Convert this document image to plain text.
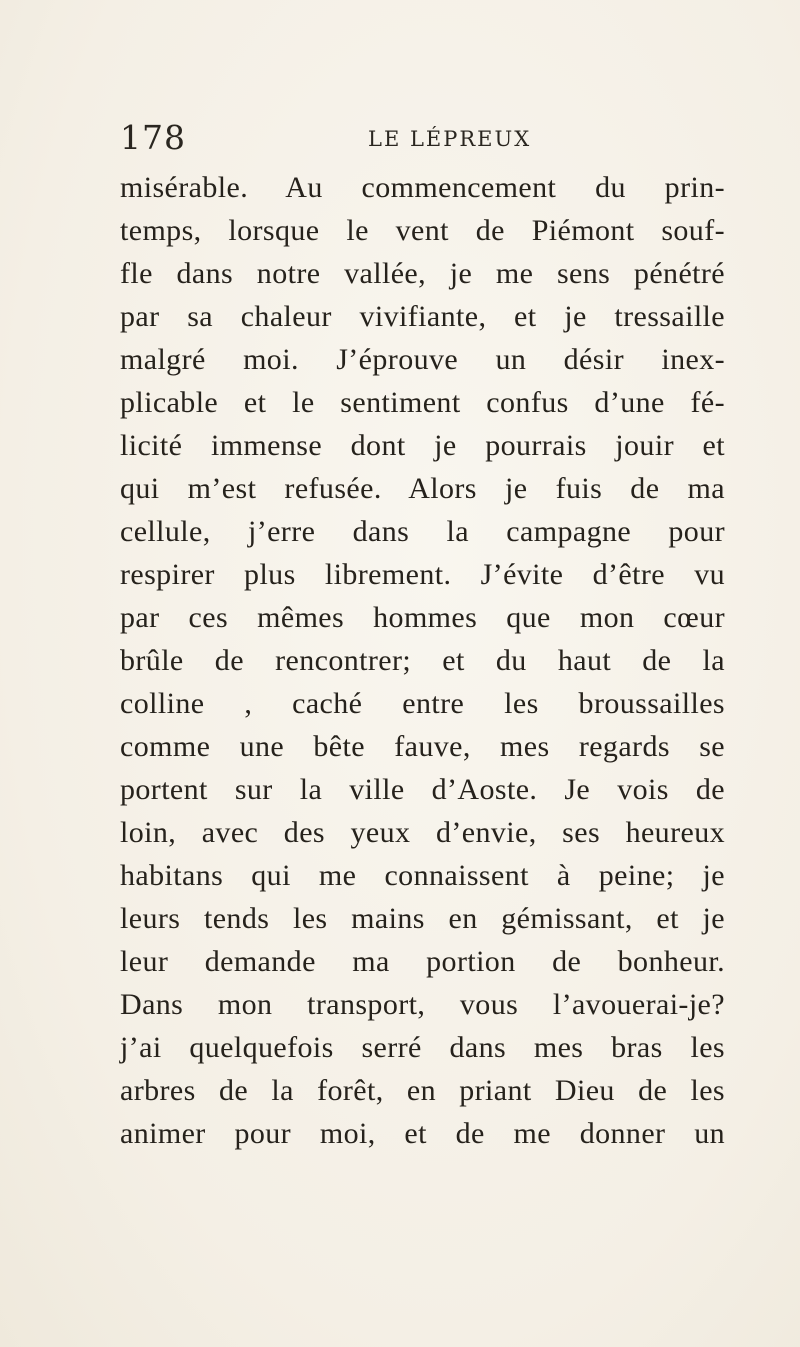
178	LE LÉPREUX
misérable. Au commencement du prin-
temps, lorsque le vent de Piémont souf-
fle dans notre vallée, je me sens pénétré
par sa chaleur vivifiante, et je tressaille
malgré moi. J’éprouve un désir inex-
plicable et le sentiment confus d’une fé-
licité immense dont je pourrais jouir et
qui m’est refusée. Alors je fuis de ma
cellule, j’erre dans la campagne pour
respirer plus librement. J’évite d’être vu
par ces mêmes hommes que mon cœur
brûle de rencontrer; et du haut de la
colline , caché entre les broussailles
comme une bête fauve, mes regards se
portent sur la ville d’Aoste. Je vois de
loin, avec des yeux d’envie, ses heureux
habitans qui me connaissent à peine; je
leurs tends les mains en gémissant, et je
leur demande ma portion de bonheur.
Dans mon transport, vous l’avouerai-je?
j’ai quelquefois serré dans mes bras les
arbres de la forêt, en priant Dieu de les
animer pour moi, et de me donner un
